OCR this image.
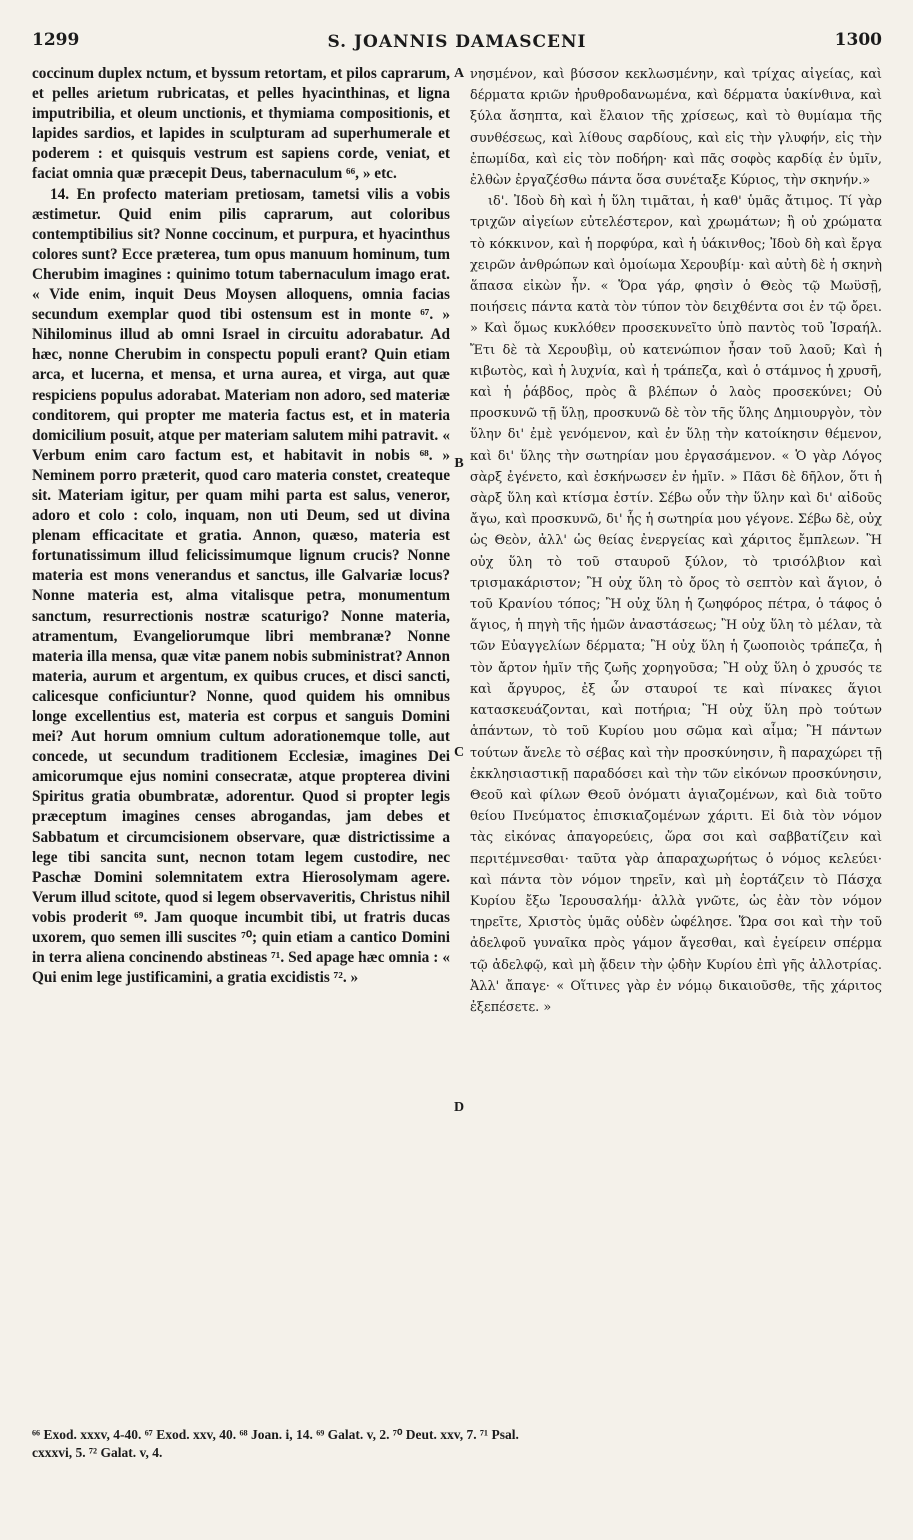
1299	S. JOANNIS DAMASCENI	1300

coccinum duplex nctum, et byssum retortam, et pilos caprarum, et pelles arietum rubricatas, et pelles hyacinthinas, et ligna imputribilia, et oleum unctionis, et thymiama compositionis, et lapides sardios, et lapides in sculpturam ad superhumerale et poderem : et quisquis vestrum est sapiens corde, veniat, et faciat omnia quæ præcepit Deus, tabernaculum ⁶⁶, » etc.

14. En profecto materiam pretiosam, tametsi vilis a vobis æstimetur. Quid enim pilis caprarum, aut coloribus contemptibilius sit? Nonne coccinum, et purpura, et hyacinthus colores sunt? Ecce præterea, tum opus manuum hominum, tum Cherubim imagines : quinimo totum tabernaculum imago erat. « Vide enim, inquit Deus Moysen alloquens, omnia facias secundum exemplar quod tibi ostensum est in monte ⁶⁷. » Nihilominus illud ab omni Israel in circuitu adorabatur. Ad hæc, nonne Cherubim in conspectu populi erant? Quin etiam arca, et lucerna, et mensa, et urna aurea, et virga, aut quæ respiciens populus adorabat. Materiam non adoro, sed materiæ conditorem, qui propter me materia factus est, et in materia domicilium posuit, atque per materiam salutem mihi patravit. « Verbum enim caro factum est, et habitavit in nobis ⁶⁸. » Neminem porro præterit, quod caro materia constet, createque sit. Materiam igitur, per quam mihi parta est salus, veneror, adoro et colo : colo, inquam, non uti Deum, sed ut divina plenam efficacitate et gratia. Annon, quæso, materia est fortunatissimum illud felicissimumque lignum crucis? Nonne materia est mons venerandus et sanctus, ille Galvariæ locus? Nonne materia est, alma vitalisque petra, monumentum sanctum, resurrectionis nostræ scaturigo? Nonne materia, atramentum, Evangeliorumque libri membranæ? Nonne materia illa mensa, quæ vitæ panem nobis subministrat? Annon materia, aurum et argentum, ex quibus cruces, et disci sancti, calicesque conficiuntur? Nonne, quod quidem his omnibus longe excellentius est, materia est corpus et sanguis Domini mei? Aut horum omnium cultum adorationemque tolle, aut concede, ut secundum traditionem Ecclesiæ, imagines Dei amicorumque ejus nomini consecratæ, atque propterea divini Spiritus gratia obumbratæ, adorentur. Quod si propter legis præceptum imagines censes abrogandas, jam debes et Sabbatum et circumcisionem observare, quæ districtissime a lege tibi sancita sunt, necnon totam legem custodire, nec Paschæ Domini solemnitatem extra Hierosolymam agere. Verum illud scitote, quod si legem observaveritis, Christus nihil vobis proderit ⁶⁹. Jam quoque incumbit tibi, ut fratris ducas uxorem, quo semen illi suscites ⁷⁰; quin etiam a cantico Domini in terra aliena concinendo abstineas ⁷¹. Sed apage hæc omnia : « Qui enim lege justificamini, a gratia excidistis ⁷². »

A
B
C
D

νησμένον, καὶ βύσσον κεκλωσμένην, καὶ τρίχας αἰγείας, καὶ δέρματα κριῶν ἠρυθροδανωμένα, καὶ δέρματα ὑακίνθινα, καὶ ξύλα ἄσηπτα, καὶ ἔλαιον τῆς χρίσεως, καὶ τὸ θυμίαμα τῆς συνθέσεως, καὶ λίθους σαρδίους, καὶ εἰς τὴν γλυφήν, εἰς τὴν ἐπωμίδα, καὶ εἰς τὸν ποδήρη· καὶ πᾶς σοφὸς καρδίᾳ ἐν ὑμῖν, ἐλθὼν ἐργαζέσθω πάντα ὅσα συνέταξε Κύριος, τὴν σκηνήν.»

ιδ'. Ἰδοὺ δὴ καὶ ἡ ὕλη τιμᾶται, ἡ καθ' ὑμᾶς ἄτιμος. Τί γὰρ τριχῶν αἰγείων εὐτελέστερον, καὶ χρωμάτων; ἢ οὐ χρώματα τὸ κόκκινον, καὶ ἡ πορφύρα, καὶ ἡ ὑάκινθος; Ἰδοὺ δὴ καὶ ἔργα χειρῶν ἀνθρώπων καὶ ὁμοίωμα Χερουβίμ· καὶ αὐτὴ δὲ ἡ σκηνὴ ἅπασα εἰκὼν ἦν. « Ὅρα γάρ, φησὶν ὁ Θεὸς τῷ Μωϋσῇ, ποιήσεις πάντα κατὰ τὸν τύπον τὸν δειχθέντα σοι ἐν τῷ ὄρει. » Καὶ ὅμως κυκλόθεν προσεκυνεῖτο ὑπὸ παντὸς τοῦ Ἰσραήλ. Ἔτι δὲ τὰ Χερουβὶμ, οὐ κατενώπιον ἦσαν τοῦ λαοῦ; Καὶ ἡ κιβωτὸς, καὶ ἡ λυχνία, καὶ ἡ τράπεζα, καὶ ὁ στάμνος ἡ χρυσῆ, καὶ ἡ ῥάβδος, πρὸς ἃ βλέπων ὁ λαὸς προσεκύνει; Οὐ προσκυνῶ τῇ ὕλῃ, προσκυνῶ δὲ τὸν τῆς ὕλης Δημιουργὸν, τὸν ὕλην δι' ἐμὲ γενόμενον, καὶ ἐν ὕλῃ τὴν κατοίκησιν θέμενον, καὶ δι' ὕλης τὴν σωτηρίαν μου ἐργασάμενον. « Ὁ γὰρ Λόγος σὰρξ ἐγένετο, καὶ ἐσκήνωσεν ἐν ἡμῖν. » Πᾶσι δὲ δῆλον, ὅτι ἡ σὰρξ ὕλη καὶ κτίσμα ἐστίν. Σέβω οὖν τὴν ὕλην καὶ δι' αἰδοῦς ἄγω, καὶ προσκυνῶ, δι' ἧς ἡ σωτηρία μου γέγονε. Σέβω δὲ, οὐχ ὡς Θεὸν, ἀλλ' ὡς θείας ἐνεργείας καὶ χάριτος ἔμπλεων. Ἢ οὐχ ὕλη τὸ τοῦ σταυροῦ ξύλον, τὸ τρισόλβιον καὶ τρισμακάριστον; Ἢ οὐχ ὕλη τὸ ὄρος τὸ σεπτὸν καὶ ἅγιον, ὁ τοῦ Κρανίου τόπος; Ἢ οὐχ ὕλη ἡ ζωηφόρος πέτρα, ὁ τάφος ὁ ἅγιος, ἡ πηγὴ τῆς ἡμῶν ἀναστάσεως; Ἢ οὐχ ὕλη τὸ μέλαν, τὰ τῶν Εὐαγγελίων δέρματα; Ἢ οὐχ ὕλη ἡ ζωοποιὸς τράπεζα, ἡ τὸν ἄρτον ἡμῖν τῆς ζωῆς χορηγοῦσα; Ἢ οὐχ ὕλη ὁ χρυσός τε καὶ ἄργυρος, ἐξ ὧν σταυροί τε καὶ πίνακες ἅγιοι κατασκευάζονται, καὶ ποτήρια; Ἢ οὐχ ὕλη πρὸ τούτων ἁπάντων, τὸ τοῦ Κυρίου μου σῶμα καὶ αἷμα; Ἢ πάντων τούτων ἄνελε τὸ σέβας καὶ τὴν προσκύνησιν, ἢ παραχώρει τῇ ἐκκλησιαστικῇ παραδόσει καὶ τὴν τῶν εἰκόνων προσκύνησιν, Θεοῦ καὶ φίλων Θεοῦ ὀνόματι ἁγιαζομένων, καὶ διὰ τοῦτο θείου Πνεύματος ἐπισκιαζομένων χάριτι. Εἰ διὰ τὸν νόμον τὰς εἰκόνας ἀπαγορεύεις, ὥρα σοι καὶ σαββατίζειν καὶ περιτέμνεσθαι· ταῦτα γὰρ ἀπαραχωρήτως ὁ νόμος κελεύει· καὶ πάντα τὸν νόμον τηρεῖν, καὶ μὴ ἑορτάζειν τὸ Πάσχα Κυρίου ἔξω Ἱερουσαλήμ· ἀλλὰ γνῶτε, ὡς ἐὰν τὸν νόμον τηρεῖτε, Χριστὸς ὑμᾶς οὐδὲν ὠφέλησε. Ὥρα σοι καὶ τὴν τοῦ ἀδελφοῦ γυναῖκα πρὸς γάμον ἄγεσθαι, καὶ ἐγείρειν σπέρμα τῷ ἀδελφῷ, καὶ μὴ ᾄδειν τὴν ᾠδὴν Κυρίου ἐπὶ γῆς ἀλλοτρίας. Ἀλλ' ἄπαγε· « Οἵτινες γὰρ ἐν νόμῳ δικαιοῦσθε, τῆς χάριτος ἐξεπέσετε. »

⁶⁶ Exod. xxxv, 4-40. ⁶⁷ Exod. xxv, 40. ⁶⁸ Joan. i, 14. ⁶⁹ Galat. v, 2. ⁷⁰ Deut. xxv, 7. ⁷¹ Psal.

cxxxvi, 5. ⁷² Galat. v, 4.
